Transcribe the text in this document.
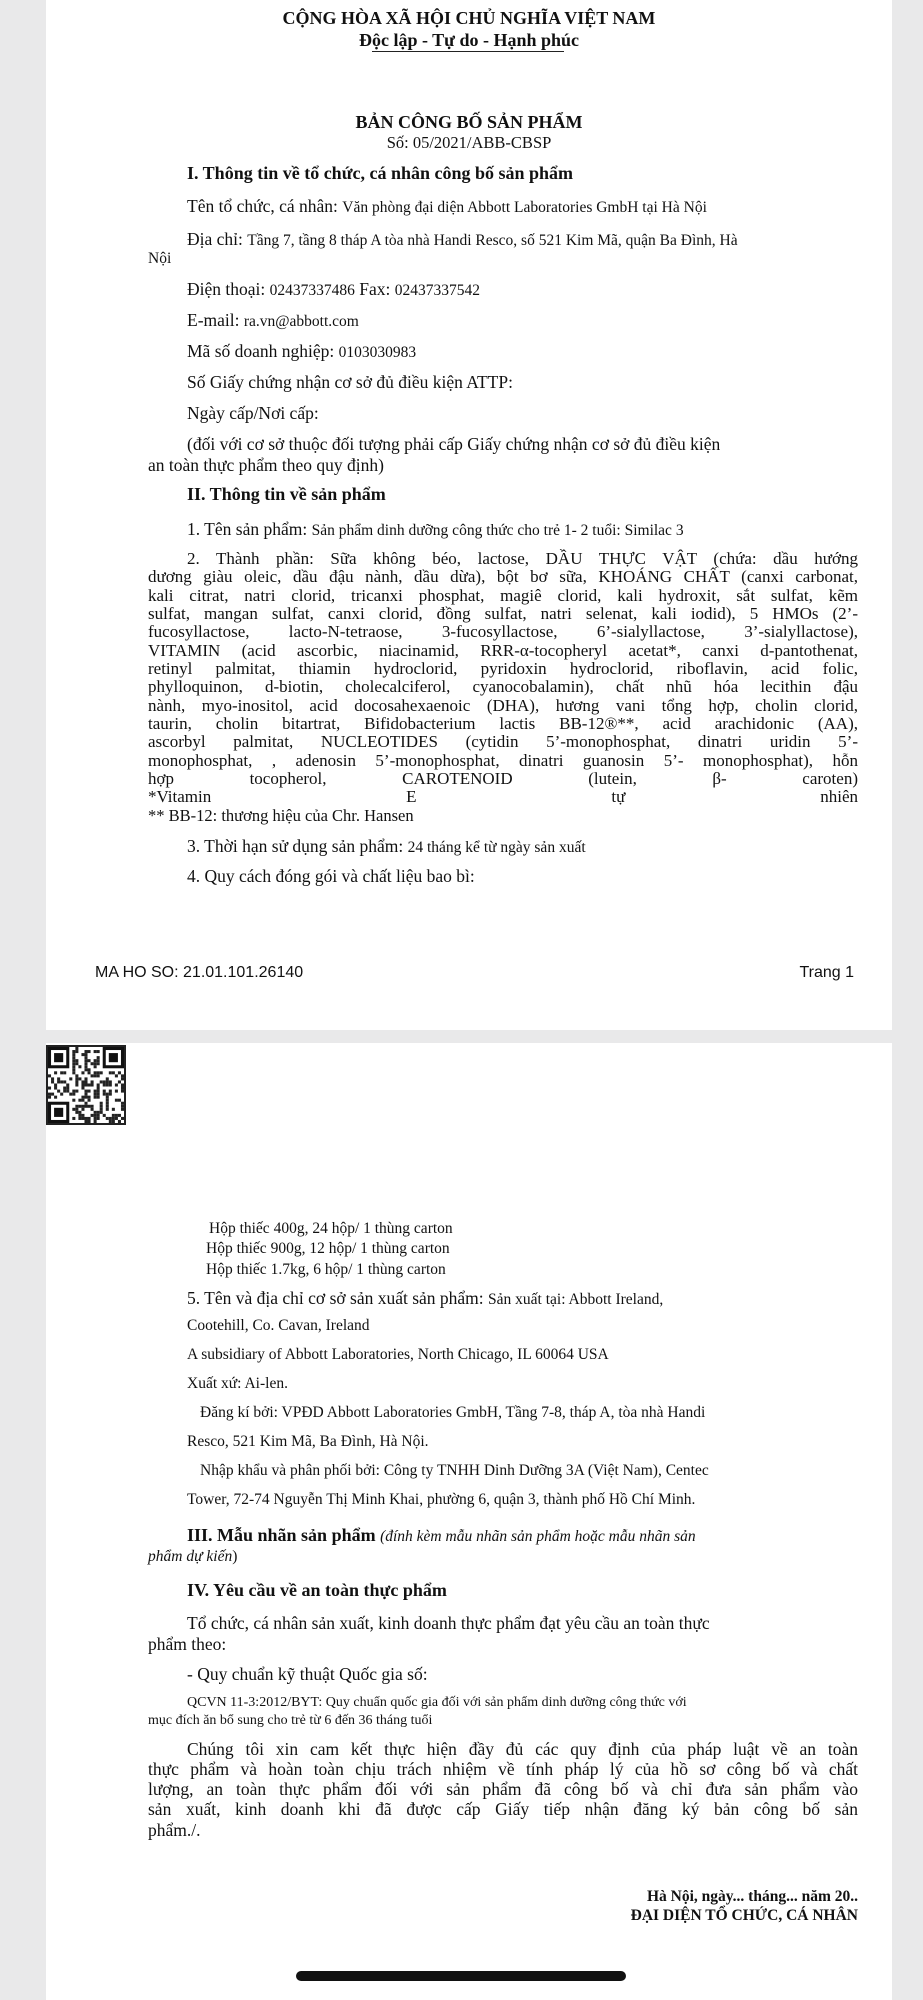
CỘNG HÒA XÃ HỘI CHỦ NGHĨA VIỆT NAM
Độc lập - Tự do - Hạnh phúc
BẢN CÔNG BỐ SẢN PHẨM
Số: 05/2021/ABB-CBSP
I. Thông tin về tổ chức, cá nhân công bố sản phẩm
Tên tổ chức, cá nhân: Văn phòng đại diện Abbott Laboratories GmbH tại Hà Nội
Địa chỉ: Tầng 7, tầng 8 tháp A tòa nhà Handi Resco, số 521 Kim Mã, quận Ba Đình, Hà
Nội
Điện thoại: 02437337486 Fax: 02437337542
E-mail: ra.vn@abbott.com
Mã số doanh nghiệp: 0103030983
Số Giấy chứng nhận cơ sở đủ điều kiện ATTP:
Ngày cấp/Nơi cấp:
(đối với cơ sở thuộc đối tượng phải cấp Giấy chứng nhận cơ sở đủ điều kiện
an toàn thực phẩm theo quy định)
II. Thông tin về sản phẩm
1. Tên sản phẩm: Sản phẩm dinh dưỡng công thức cho trẻ 1- 2 tuổi: Similac 3
2. Thành phần: Sữa không béo, lactose, DẦU THỰC VẬT (chứa: dầu hướng
dương giàu oleic, dầu đậu nành, dầu dừa), bột bơ sữa, KHOÁNG CHẤT (canxi carbonat,
kali citrat, natri clorid, tricanxi phosphat, magiê clorid, kali hydroxit, sắt sulfat, kẽm
sulfat, mangan sulfat, canxi clorid, đồng sulfat, natri selenat, kali iodid), 5 HMOs (2’-
fucosyllactose, lacto-N-tetraose, 3-fucosyllactose, 6’-sialyllactose, 3’-sialyllactose),
VITAMIN (acid ascorbic, niacinamid, RRR-α-tocopheryl acetat*, canxi d-pantothenat,
retinyl palmitat, thiamin hydroclorid, pyridoxin hydroclorid, riboflavin, acid folic,
phylloquinon, d-biotin, cholecalciferol, cyanocobalamin), chất nhũ hóa lecithin đậu
nành, myo-inositol, acid docosahexaenoic (DHA), hương vani tổng hợp, cholin clorid,
taurin, cholin bitartrat, Bifidobacterium lactis BB-12®**, acid arachidonic (AA),
ascorbyl palmitat, NUCLEOTIDES (cytidin 5’-monophosphat, dinatri uridin 5’-
monophosphat, , adenosin 5’-monophosphat, dinatri guanosin 5’- monophosphat), hỗn
hợp tocopherol, CAROTENOID (lutein, β- caroten)
*Vitamin E tự nhiên
** BB-12: thương hiệu của Chr. Hansen
3. Thời hạn sử dụng sản phẩm: 24 tháng kể từ ngày sản xuất
4. Quy cách đóng gói và chất liệu bao bì:
MA HO SO: 21.01.101.26140	Trang 1
Hộp thiếc 400g, 24 hộp/ 1 thùng carton
Hộp thiếc 900g, 12 hộp/ 1 thùng carton
Hộp thiếc 1.7kg, 6 hộp/ 1 thùng carton
5. Tên và địa chỉ cơ sở sản xuất sản phẩm: Sản xuất tại: Abbott Ireland,
Cootehill, Co. Cavan, Ireland
A subsidiary of Abbott Laboratories, North Chicago, IL 60064 USA
Xuất xứ: Ai-len.
Đăng kí bởi: VPĐD Abbott Laboratories GmbH, Tầng 7-8, tháp A, tòa nhà Handi
Resco, 521 Kim Mã, Ba Đình, Hà Nội.
Nhập khẩu và phân phối bởi: Công ty TNHH Dinh Dưỡng 3A (Việt Nam), Centec
Tower, 72-74 Nguyễn Thị Minh Khai, phường 6, quận 3, thành phố Hồ Chí Minh.
III. Mẫu nhãn sản phẩm (đính kèm mẫu nhãn sản phẩm hoặc mẫu nhãn sản
phẩm dự kiến)
IV. Yêu cầu về an toàn thực phẩm
Tổ chức, cá nhân sản xuất, kinh doanh thực phẩm đạt yêu cầu an toàn thực
phẩm theo:
- Quy chuẩn kỹ thuật Quốc gia số:
QCVN 11-3:2012/BYT: Quy chuẩn quốc gia đối với sản phẩm dinh dưỡng công thức với
mục đích ăn bổ sung cho trẻ từ 6 đến 36 tháng tuổi
Chúng tôi xin cam kết thực hiện đầy đủ các quy định của pháp luật về an toàn
thực phẩm và hoàn toàn chịu trách nhiệm về tính pháp lý của hồ sơ công bố và chất
lượng, an toàn thực phẩm đối với sản phẩm đã công bố và chỉ đưa sản phẩm vào
sản xuất, kinh doanh khi đã được cấp Giấy tiếp nhận đăng ký bản công bố sản
phẩm./.
Hà Nội, ngày... tháng... năm 20..
ĐẠI DIỆN TỔ CHỨC, CÁ NHÂN
